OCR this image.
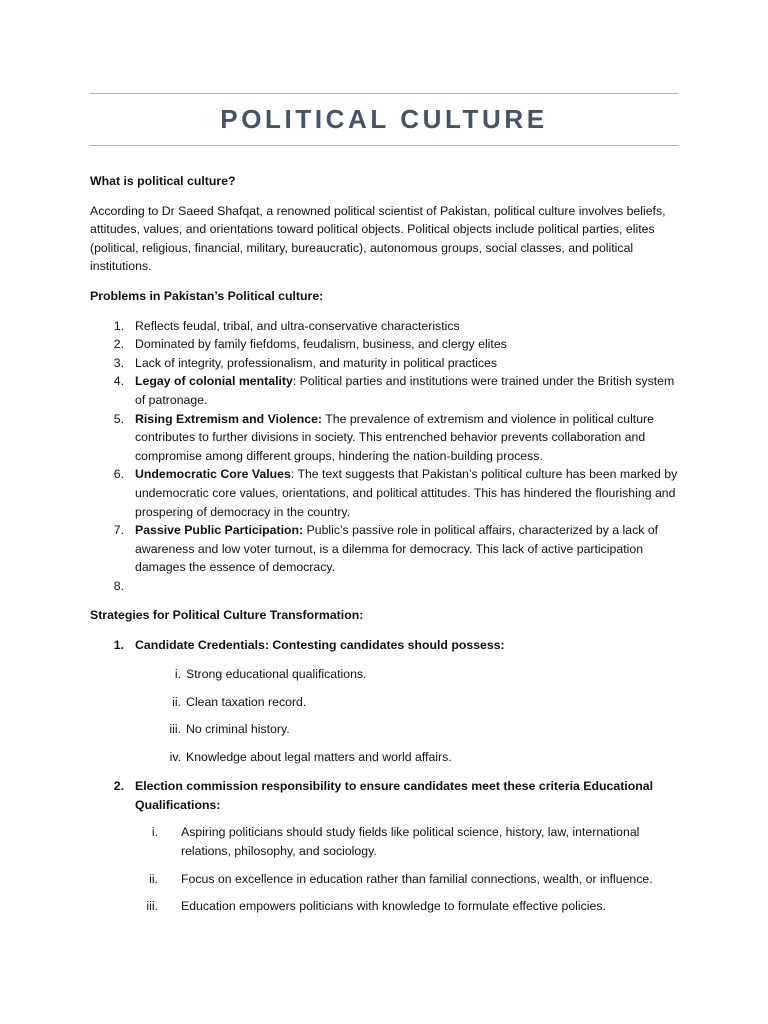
POLITICAL CULTURE

What is political culture?

According to Dr Saeed Shafqat, a renowned political scientist of Pakistan, political culture involves beliefs, attitudes, values, and orientations toward political objects. Political objects include political parties, elites (political, religious, financial, military, bureaucratic), autonomous groups, social classes, and political institutions.

Problems in Pakistan’s Political culture:

1. Reflects feudal, tribal, and ultra-conservative characteristics
2. Dominated by family fiefdoms, feudalism, business, and clergy elites
3. Lack of integrity, professionalism, and maturity in political practices
4. Legay of colonial mentality: Political parties and institutions were trained under the British system of patronage.
5. Rising Extremism and Violence: The prevalence of extremism and violence in political culture contributes to further divisions in society. This entrenched behavior prevents collaboration and compromise among different groups, hindering the nation-building process.
6. Undemocratic Core Values: The text suggests that Pakistan’s political culture has been marked by undemocratic core values, orientations, and political attitudes. This has hindered the flourishing and prospering of democracy in the country.
7. Passive Public Participation: Public’s passive role in political affairs, characterized by a lack of awareness and low voter turnout, is a dilemma for democracy. This lack of active participation damages the essence of democracy.
8.

Strategies for Political Culture Transformation:

1. Candidate Credentials: Contesting candidates should possess:
i. Strong educational qualifications.
ii. Clean taxation record.
iii. No criminal history.
iv. Knowledge about legal matters and world affairs.
2. Election commission responsibility to ensure candidates meet these criteria Educational Qualifications:
i. Aspiring politicians should study fields like political science, history, law, international relations, philosophy, and sociology.
ii. Focus on excellence in education rather than familial connections, wealth, or influence.
iii. Education empowers politicians with knowledge to formulate effective policies.
